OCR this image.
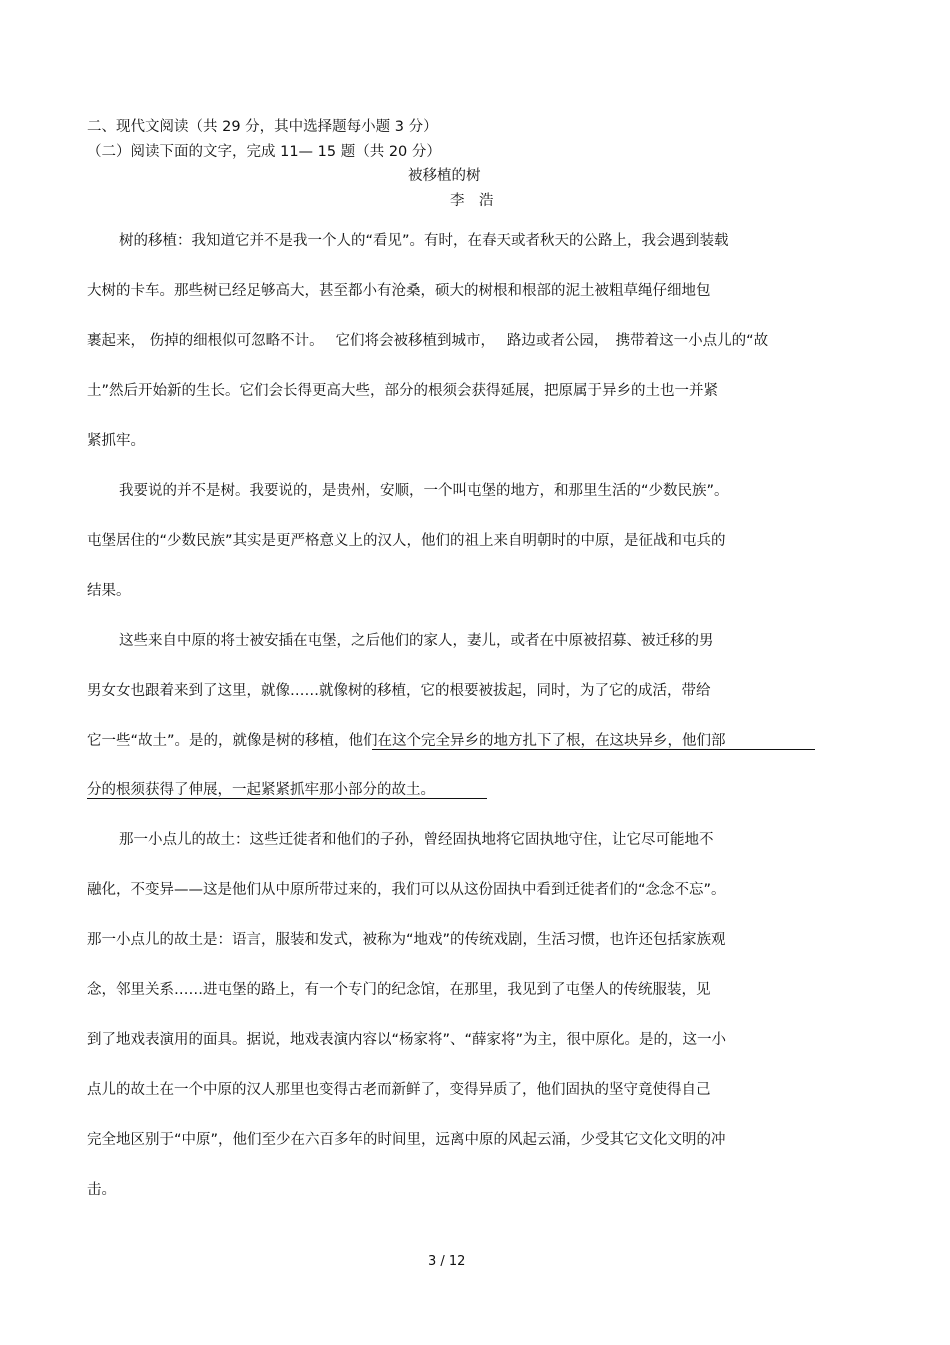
二、现代文阅读（共 29 分，其中选择题每小题 3 分）

（二）阅读下面的文字，完成 11— 15 题（共 20 分）

被移植的树

李　浩

树的移植：我知道它并不是我一个人的“看见”。有时，在春天或者秋天的公路上，我会遇到装载

大树的卡车。那些树已经足够高大，甚至都小有沧桑，硕大的树根和根部的泥土被粗草绳仔细地包

裹起来， 伤掉的细根似可忽略不计。　 它们将会被移植到城市，　 路边或者公园，　携带着这一小点儿的“故

土”然后开始新的生长。它们会长得更高大些，部分的根须会获得延展，把原属于异乡的土也一并紧

紧抓牢。

我要说的并不是树。我要说的，是贵州，安顺，一个叫屯堡的地方，和那里生活的“少数民族”。

屯堡居住的“少数民族”其实是更严格意义上的汉人，他们的祖上来自明朝时的中原，是征战和屯兵的

结果。

这些来自中原的将士被安插在屯堡，之后他们的家人，妻儿，或者在中原被招募、被迁移的男

男女女也跟着来到了这里，就像……就像树的移植，它的根要被拔起，同时，为了它的成活，带给

它一些“故土”。是的，就像是树的移植，他们在这个完全异乡的地方扎下了根，在这块异乡，他们部

分的根须获得了伸展，一起紧紧抓牢那小部分的故土。

那一小点儿的故土：这些迁徙者和他们的子孙，曾经固执地将它固执地守住，让它尽可能地不

融化，不变异——这是他们从中原所带过来的，我们可以从这份固执中看到迁徙者们的“念念不忘”。

那一小点儿的故土是：语言，服装和发式，被称为“地戏”的传统戏剧，生活习惯，也许还包括家族观

念，邻里关系……进屯堡的路上，有一个专门的纪念馆，在那里，我见到了屯堡人的传统服装，见

到了地戏表演用的面具。据说，地戏表演内容以“杨家将”、“薛家将”为主，很中原化。是的，这一小

点儿的故土在一个中原的汉人那里也变得古老而新鲜了，变得异质了，他们固执的坚守竟使得自己

完全地区别于“中原”，他们至少在六百多年的时间里，远离中原的风起云涌，少受其它文化文明的冲

击。

3 / 12
